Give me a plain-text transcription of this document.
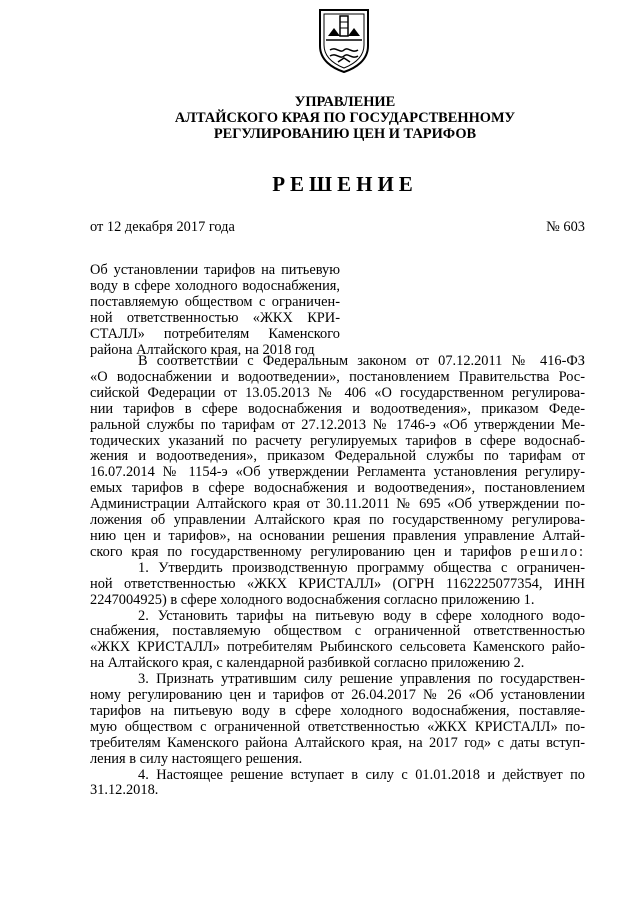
УПРАВЛЕНИЕ
АЛТАЙСКОГО КРАЯ ПО ГОСУДАРСТВЕННОМУ
РЕГУЛИРОВАНИЮ ЦЕН И ТАРИФОВ
РЕШЕНИЕ
от 12 декабря 2017 года	№ 603
Об установлении тарифов на питьевую
воду в сфере холодного водоснабжения,
поставляемую обществом с ограничен-
ной ответственностью «ЖКХ КРИ-
СТАЛЛ» потребителям Каменского
района Алтайского края, на 2018 год
В соответствии с Федеральным законом от 07.12.2011 № 416-ФЗ
«О водоснабжении и водоотведении», постановлением Правительства Рос-
сийской Федерации от 13.05.2013 № 406 «О государственном регулирова-
нии тарифов в сфере водоснабжения и водоотведения», приказом Феде-
ральной службы по тарифам от 27.12.2013 № 1746-э «Об утверждении Ме-
тодических указаний по расчету регулируемых тарифов в сфере водоснаб-
жения и водоотведения», приказом Федеральной службы по тарифам от
16.07.2014 № 1154-э «Об утверждении Регламента установления регулиру-
емых тарифов в сфере водоснабжения и водоотведения», постановлением
Администрации Алтайского края от 30.11.2011 № 695 «Об утверждении по-
ложения об управлении Алтайского края по государственному регулирова-
нию цен и тарифов», на основании решения правления управление Алтай-
ского края по государственному регулированию цен и тарифов решило:
1. Утвердить производственную программу общества с ограничен-
ной ответственностью «ЖКХ КРИСТАЛЛ» (ОГРН 1162225077354, ИНН
2247004925) в сфере холодного водоснабжения согласно приложению 1.
2. Установить тарифы на питьевую воду в сфере холодного водо-
снабжения, поставляемую обществом с ограниченной ответственностью
«ЖКХ КРИСТАЛЛ» потребителям Рыбинского сельсовета Каменского райо-
на Алтайского края, с календарной разбивкой согласно приложению 2.
3. Признать утратившим силу решение управления по государствен-
ному регулированию цен и тарифов от 26.04.2017 № 26 «Об установлении
тарифов на питьевую воду в сфере холодного водоснабжения, поставляе-
мую обществом с ограниченной ответственностью «ЖКХ КРИСТАЛЛ» по-
требителям Каменского района Алтайского края, на 2017 год» с даты вступ-
ления в силу настоящего решения.
4. Настоящее решение вступает в силу с 01.01.2018 и действует по
31.12.2018.
